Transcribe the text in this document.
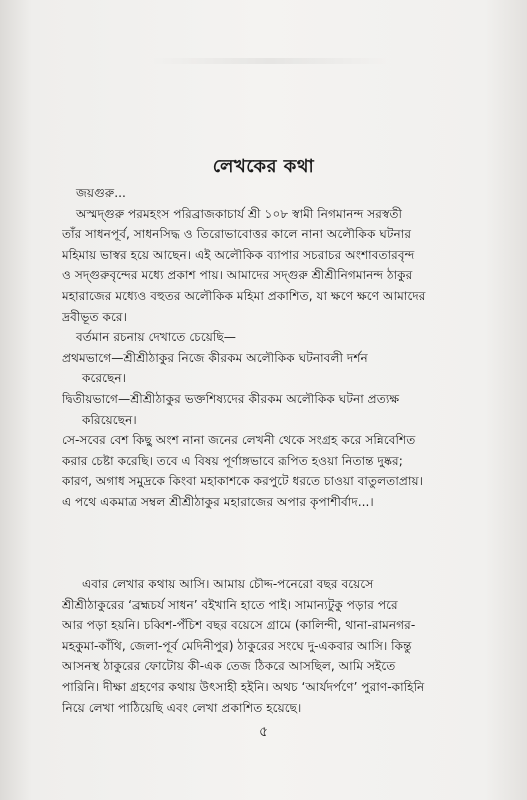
লেখকের কথা
জয়গুরু...
অস্মদ্গুরু পরমহংস পরিব্রাজকাচার্য শ্রী ১০৮ স্বামী নিগমানন্দ সরস্বতী
তাঁর সাধনপূর্ব, সাধনসিদ্ধ ও তিরোভাবোত্তর কালে নানা অলৌকিক ঘটনার
মহিমায় ভাস্বর হয়ে আছেন। এই অলৌকিক ব্যাপার সচরাচর অংশাবতারবৃন্দ
ও সদ্গুরুবৃন্দের মধ্যে প্রকাশ পায়। আমাদের সদ্গুরু শ্রীশ্রীনিগমানন্দ ঠাকুর
মহারাজের মধ্যেও বহুতর অলৌকিক মহিমা প্রকাশিত, যা ক্ষণে ক্ষণে আমাদের
দ্রবীভূত করে।
বর্তমান রচনায় দেখাতে চেয়েছি—
প্রথমভাগে—শ্রীশ্রীঠাকুর নিজে কীরকম অলৌকিক ঘটনাবলী দর্শন
করেছেন।
দ্বিতীয়ভাগে—শ্রীশ্রীঠাকুর ভক্তশিষ্যদের কীরকম অলৌকিক ঘটনা প্রত্যক্ষ
করিয়েছেন।
সে-সবের বেশ কিছু অংশ নানা জনের লেখনী থেকে সংগ্রহ করে সন্নিবেশিত
করার চেষ্টা করেছি। তবে এ বিষয় পূর্ণাঙ্গভাবে রূপিত হওয়া নিতান্ত দুষ্কর;
কারণ, অগাধ সমুদ্রকে কিংবা মহাকাশকে করপুটে ধরতে চাওয়া বাতুলতাপ্রায়।
এ পথে একমাত্র সম্বল শ্রীশ্রীঠাকুর মহারাজের অপার কৃপাশীর্বাদ...।
এবার লেখার কথায় আসি। আমায় চৌদ্দ-পনেরো বছর বয়েসে
শ্রীশ্রীঠাকুরের ‘ব্রহ্মচর্য সাধন’ বইখানি হাতে পাই। সামান্যটুকু পড়ার পরে
আর পড়া হয়নি। চব্বিশ-পঁচিশ বছর বয়েসে গ্রামে (কালিন্দী, থানা-রামনগর-
মহকুমা-কাঁথি, জেলা-পূর্ব মেদিনীপুর) ঠাকুরের সংঘে দু-একবার আসি। কিন্তু
আসনস্থ ঠাকুরের ফোটোয় কী-এক তেজ ঠিকরে আসছিল, আমি সইতে
পারিনি। দীক্ষা গ্রহণের কথায় উৎসাহী হইনি। অথচ ‘আর্যদর্পণে’ পুরাণ-কাহিনি
নিয়ে লেখা পাঠিয়েছি এবং লেখা প্রকাশিত হয়েছে।
৫
